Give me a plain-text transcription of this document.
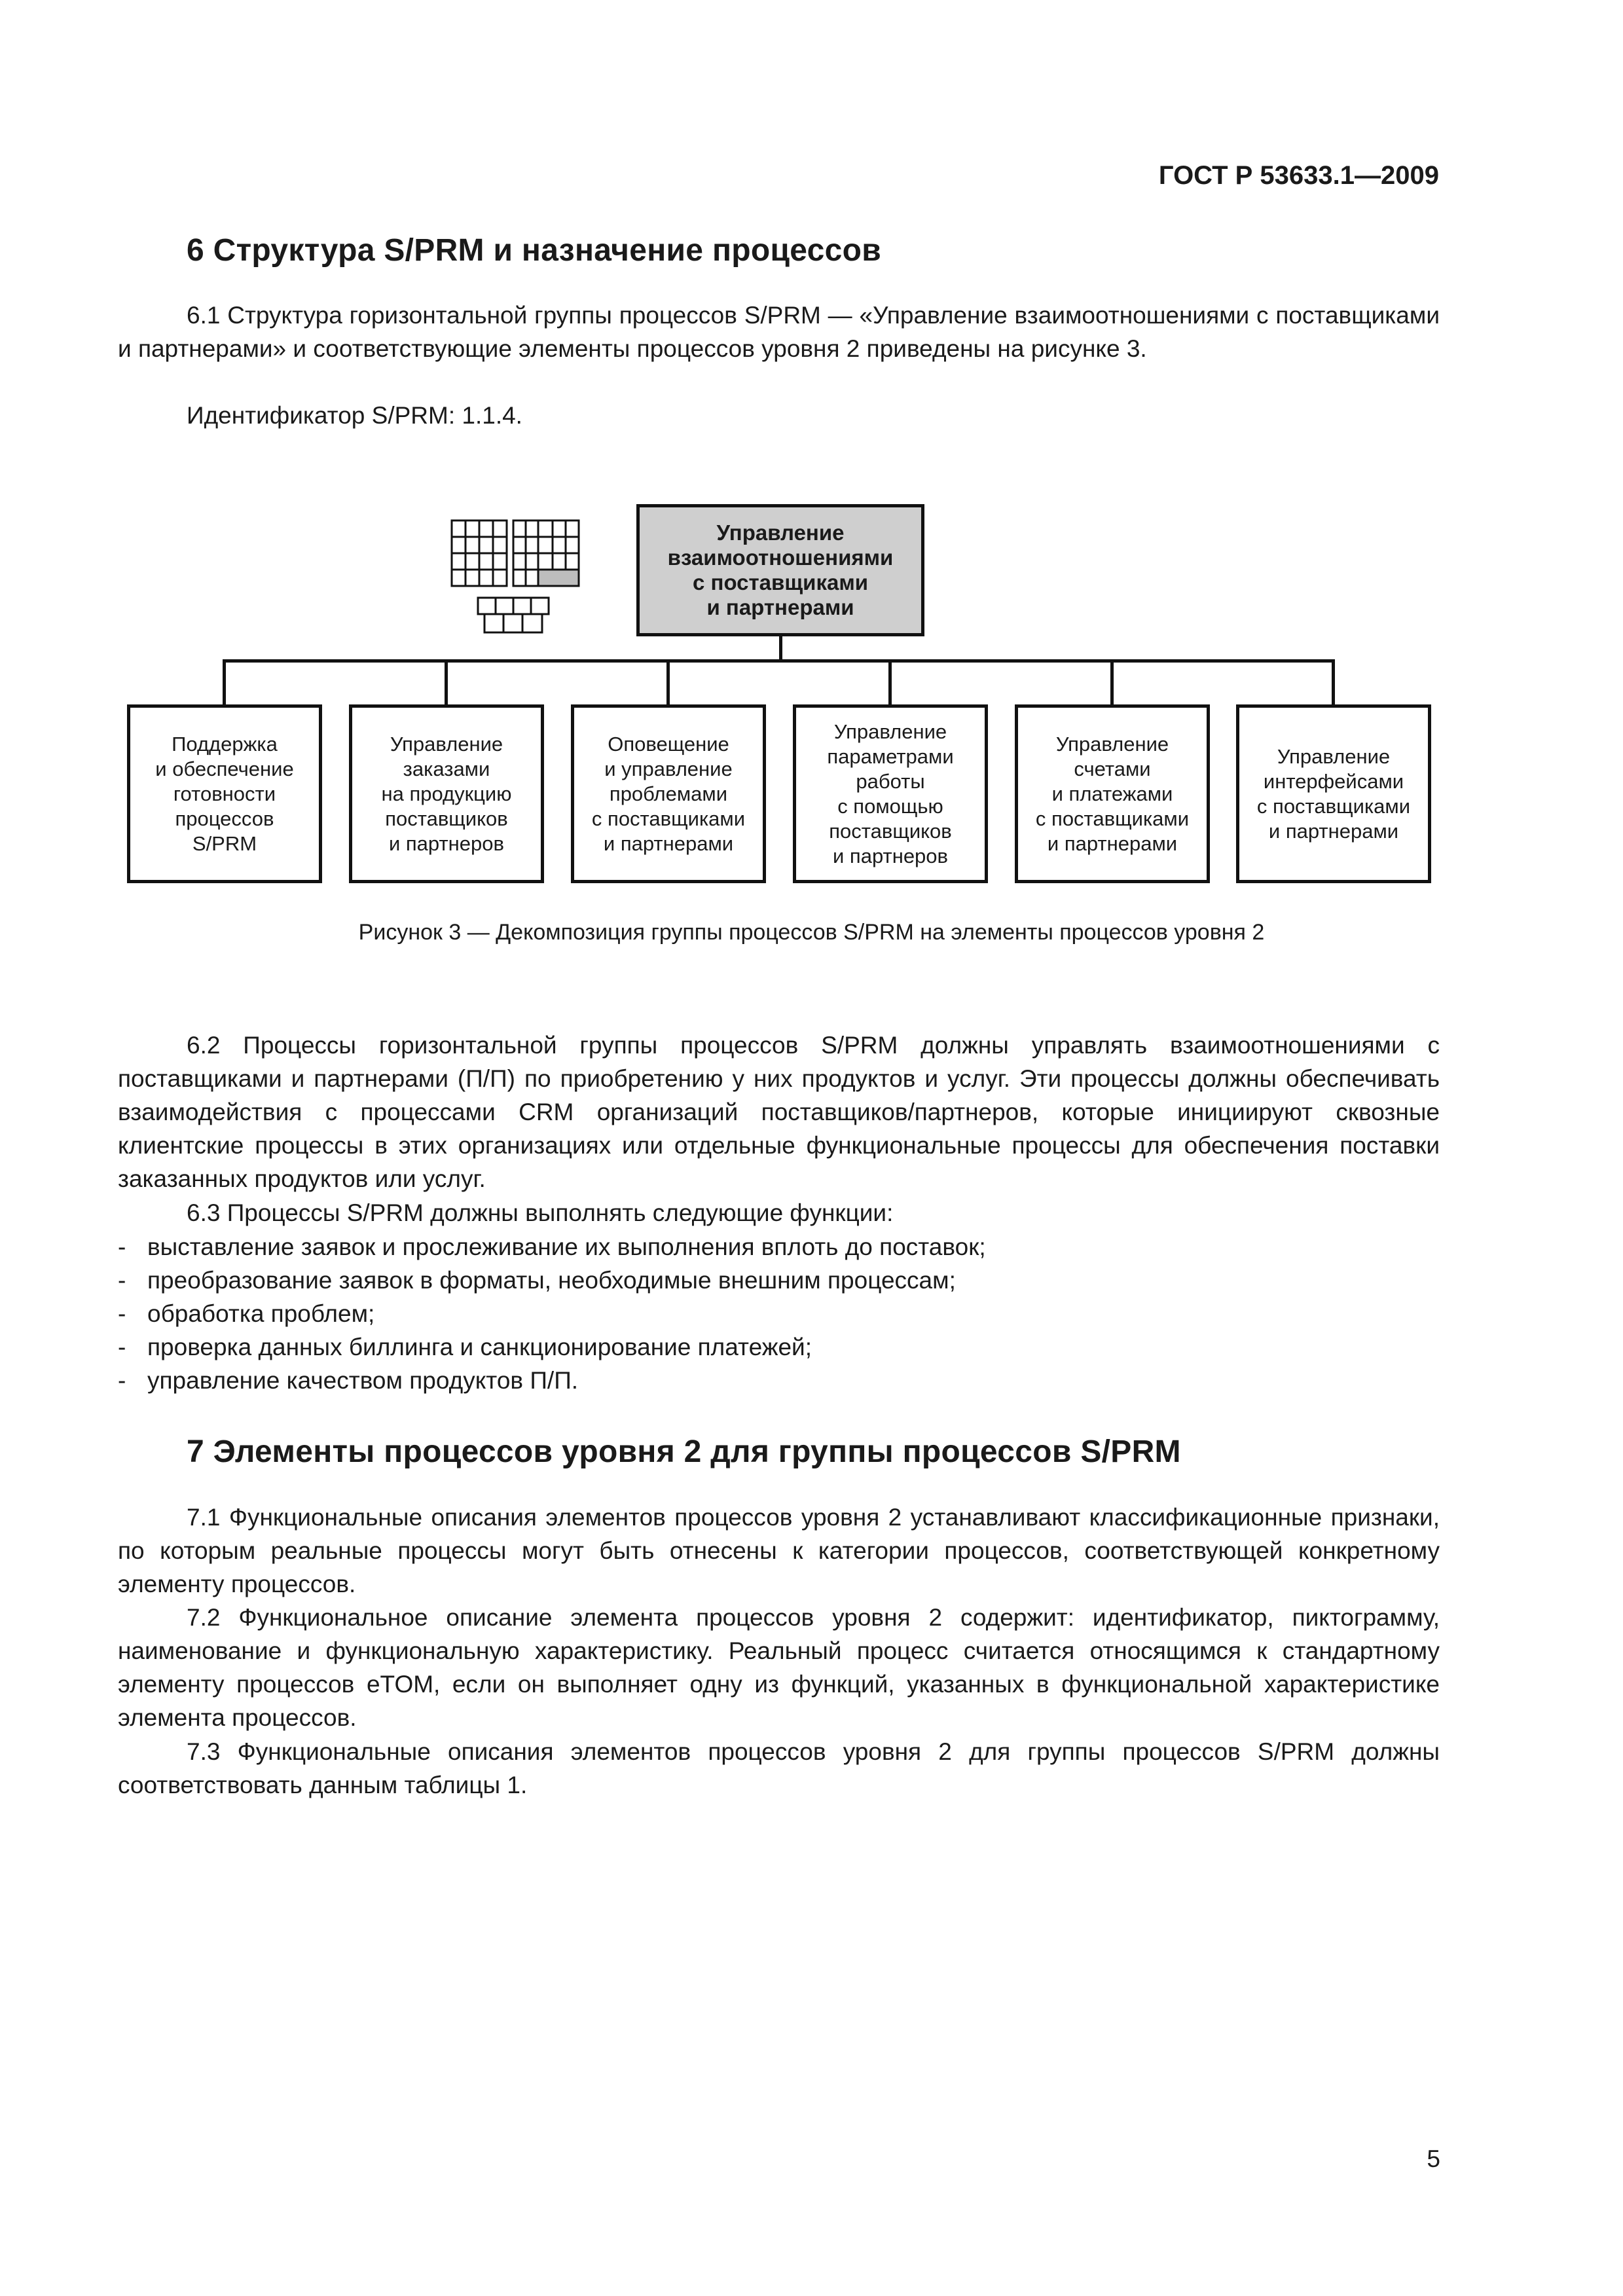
ГОСТ Р 53633.1—2009
6 Структура S/PRM и назначение процессов

6.1 Структура горизонтальной группы процессов S/PRM — «Управление взаимоотношениями с поставщиками и партнерами» и соответствующие элементы процессов уровня 2 приведены на рисунке 3.

Идентификатор S/PRM: 1.1.4.

Управление
взаимоотношениями
с поставщиками
и партнерами
Поддержка
и обеспечение
готовности
процессов
S/PRM
Управление
заказами
на продукцию
поставщиков
и партнеров
Оповещение
и управление
проблемами
с поставщиками
и партнерами
Управление
параметрами
работы
с помощью
поставщиков
и партнеров
Управление
счетами
и платежами
с поставщиками
и партнерами
Управление
интерфейсами
с поставщиками
и партнерами
Рисунок 3 — Декомпозиция группы процессов S/PRM на элементы процессов уровня 2

6.2 Процессы горизонтальной группы процессов S/PRM должны управлять взаимоотношениями с поставщиками и партнерами (П/П) по приобретению у них продуктов и услуг. Эти процессы должны обеспечивать взаимодействия с процессами CRM организаций поставщиков/партнеров, которые инициируют сквозные клиентские процессы в этих организациях или отдельные функциональные процессы для обеспечения поставки заказанных продуктов или услуг.

6.3 Процессы S/PRM должны выполнять следующие функции:

- выставление заявок и прослеживание их выполнения вплоть до поставок;
- преобразование заявок в форматы, необходимые внешним процессам;
- обработка проблем;
- проверка данных биллинга и санкционирование платежей;
- управление качеством продуктов П/П.
7 Элементы процессов уровня 2 для группы процессов S/PRM

7.1 Функциональные описания элементов процессов уровня 2 устанавливают классификационные признаки, по которым реальные процессы могут быть отнесены к категории процессов, соответствующей конкретному элементу процессов.

7.2 Функциональное описание элемента процессов уровня 2 содержит: идентификатор, пиктограмму, наименование и функциональную характеристику. Реальный процесс считается относящимся к стандартному элементу процессов eTOM, если он выполняет одну из функций, указанных в функциональной характеристике элемента процессов.

7.3 Функциональные описания элементов процессов уровня 2 для группы процессов S/PRM должны соответствовать данным таблицы 1.

5
